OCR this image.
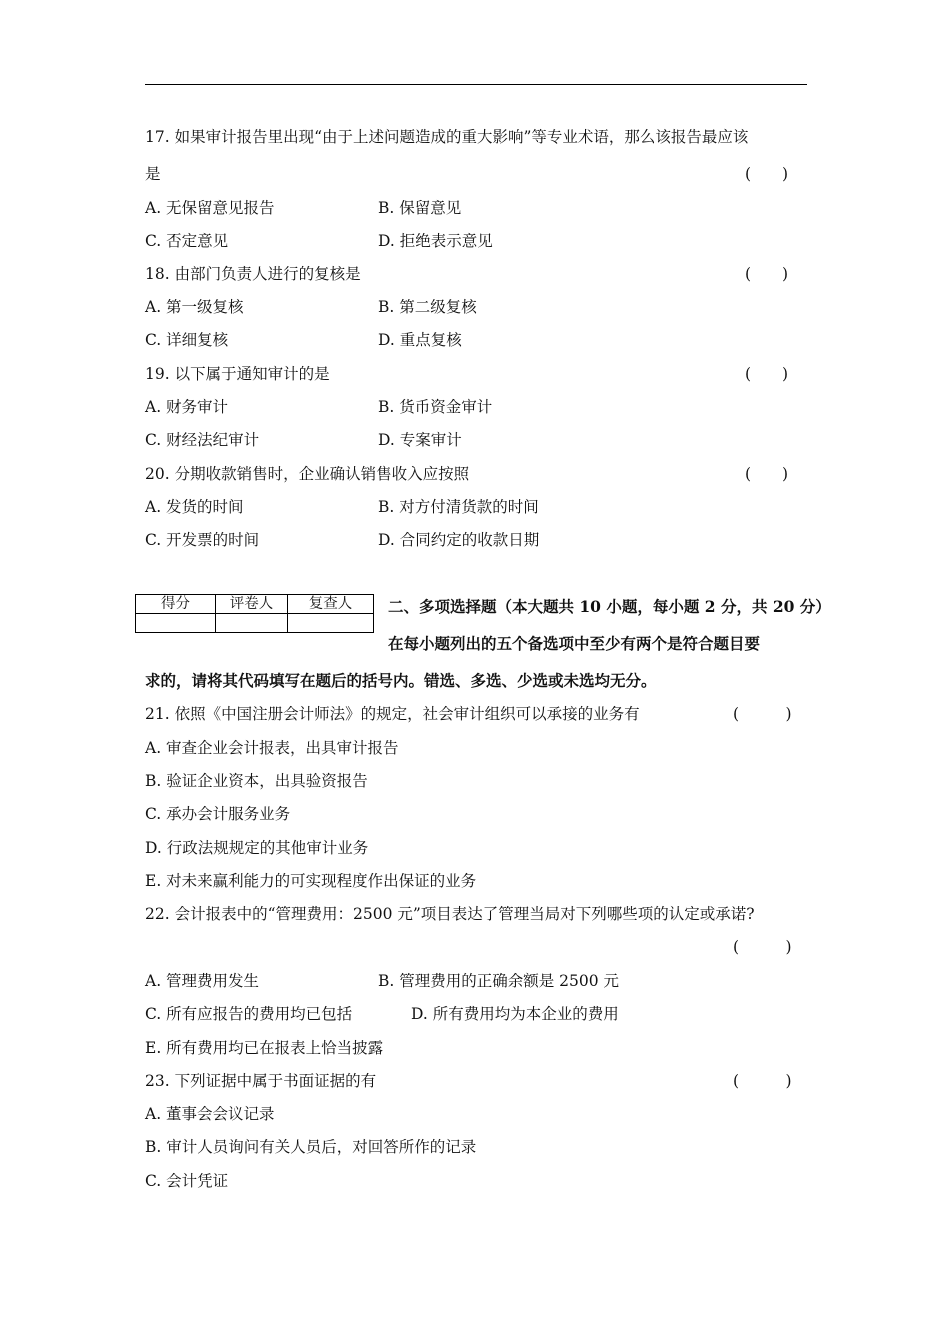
17. 如果审计报告里出现“由于上述问题造成的重大影响”等专业术语，那么该报告最应该
是	(　　)
A. 无保留意见报告	B. 保留意见
C. 否定意见	D. 拒绝表示意见
18. 由部门负责人进行的复核是	(　　)
A. 第一级复核	B. 第二级复核
C. 详细复核	D. 重点复核
19. 以下属于通知审计的是	(　　)
A. 财务审计	B. 货币资金审计
C. 财经法纪审计	D. 专案审计
20. 分期收款销售时，企业确认销售收入应按照	(　　)
A. 发货的时间	B. 对方付清货款的时间
C. 开发票的时间	D. 合同约定的收款日期
得分	评卷人	复查人
		二、多项选择题（本大题共 10 小题，每小题 2 分，共 20 分）
在每小题列出的五个备选项中至少有两个是符合题目要
求的，请将其代码填写在题后的括号内。错选、多选、少选或未选均无分。
21. 依照《中国注册会计师法》的规定，社会审计组织可以承接的业务有	(　　　)
A. 审查企业会计报表，出具审计报告
B. 验证企业资本，出具验资报告
C. 承办会计服务业务
D. 行政法规规定的其他审计业务
E. 对未来赢利能力的可实现程度作出保证的业务
22. 会计报表中的“管理费用：2500 元”项目表达了管理当局对下列哪些项的认定或承诺?
(　　　)
A. 管理费用发生	B. 管理费用的正确余额是 2500 元
C. 所有应报告的费用均已包括	D. 所有费用均为本企业的费用
E. 所有费用均已在报表上恰当披露
23. 下列证据中属于书面证据的有	(　　　)
A. 董事会会议记录
B. 审计人员询问有关人员后，对回答所作的记录
C. 会计凭证
